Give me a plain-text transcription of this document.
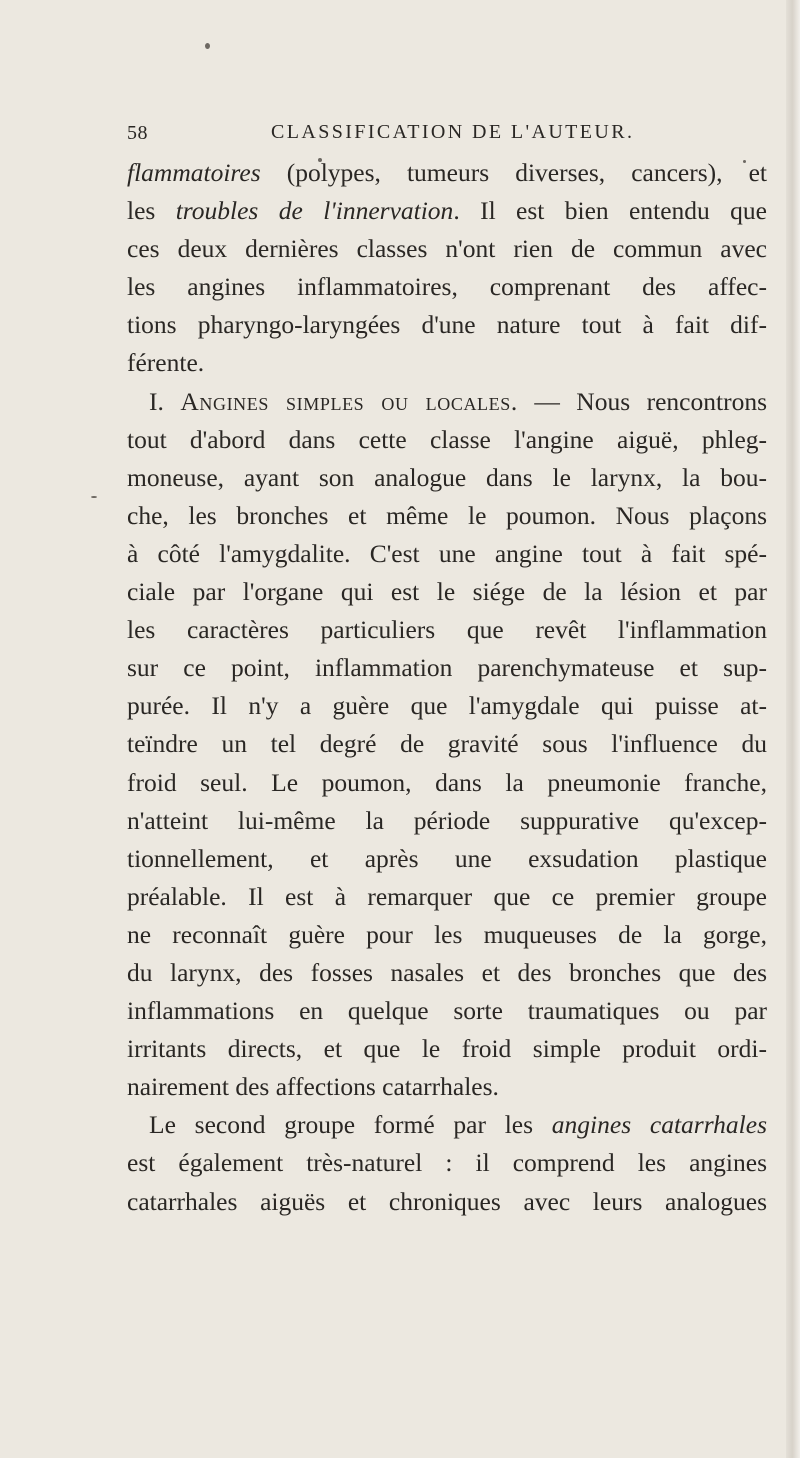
58	CLASSIFICATION DE L'AUTEUR.
flammatoires (polypes, tumeurs diverses, cancers), et
les troubles de l'innervation. Il est bien entendu que
ces deux dernières classes n'ont rien de commun avec
les angines inflammatoires, comprenant des affec-
tions pharyngo-laryngées d'une nature tout à fait dif-
férente.
I. Angines simples ou locales. — Nous rencontrons
tout d'abord dans cette classe l'angine aiguë, phleg-
moneuse, ayant son analogue dans le larynx, la bou-
che, les bronches et même le poumon. Nous plaçons
à côté l'amygdalite. C'est une angine tout à fait spé-
ciale par l'organe qui est le siége de la lésion et par
les caractères particuliers que revêt l'inflammation
sur ce point, inflammation parenchymateuse et sup-
purée. Il n'y a guère que l'amygdale qui puisse at-
teïndre un tel degré de gravité sous l'influence du
froid seul. Le poumon, dans la pneumonie franche,
n'atteint lui-même la période suppurative qu'excep-
tionnellement, et après une exsudation plastique
préalable. Il est à remarquer que ce premier groupe
ne reconnaît guère pour les muqueuses de la gorge,
du larynx, des fosses nasales et des bronches que des
inflammations en quelque sorte traumatiques ou par
irritants directs, et que le froid simple produit ordi-
nairement des affections catarrhales.
Le second groupe formé par les angines catarrhales
est également très-naturel : il comprend les angines
catarrhales aiguës et chroniques avec leurs analogues
